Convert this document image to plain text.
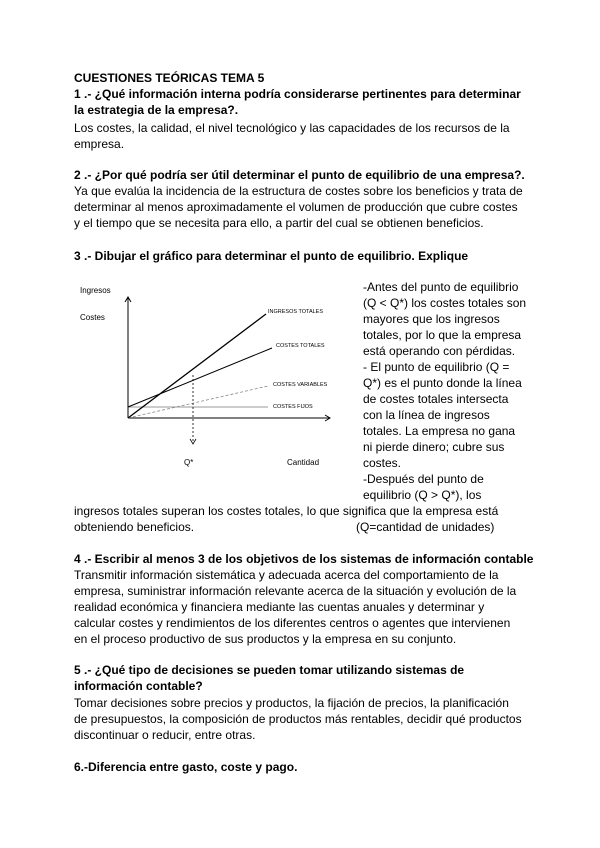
CUESTIONES TEÓRICAS TEMA 5
1 .- ¿Qué información interna podría considerarse pertinentes para determinar
la estrategia de la empresa?.
Los costes, la calidad, el nivel tecnológico y las capacidades de los recursos de la
empresa.
2 .- ¿Por qué podría ser útil determinar el punto de equilibrio de una empresa?.
Ya que evalúa la incidencia de la estructura de costes sobre los beneficios y trata de
determinar al menos aproximadamente el volumen de producción que cubre costes
y el tiempo que se necesita para ello, a partir del cual se obtienen beneficios.
3 .- Dibujar el gráfico para determinar el punto de equilibrio. Explique
Ingresos
Costes
Q*	Cantidad
INGRESOS TOTALES
COSTES TOTALES
COSTES VARIABLES
COSTES FIJOS
-Antes del punto de equilibrio
(Q < Q*) los costes totales son
mayores que los ingresos
totales, por lo que la empresa
está operando con pérdidas.
- El punto de equilibrio (Q =
Q*) es el punto donde la línea
de costes totales intersecta
con la línea de ingresos
totales. La empresa no gana
ni pierde dinero; cubre sus
costes.
-Después del punto de
equilibrio (Q > Q*), los
ingresos totales superan los costes totales, lo que significa que la empresa está
obteniendo beneficios.	(Q=cantidad de unidades)
4 .- Escribir al menos 3 de los objetivos de los sistemas de información contable
Transmitir información sistemática y adecuada acerca del comportamiento de la
empresa, suministrar información relevante acerca de la situación y evolución de la
realidad económica y financiera mediante las cuentas anuales y determinar y
calcular costes y rendimientos de los diferentes centros o agentes que intervienen
en el proceso productivo de sus productos y la empresa en su conjunto.
5 .- ¿Qué tipo de decisiones se pueden tomar utilizando sistemas de
información contable?
Tomar decisiones sobre precios y productos, la fijación de precios, la planificación
de presupuestos, la composición de productos más rentables, decidir qué productos
discontinuar o reducir, entre otras.
6.-Diferencia entre gasto, coste y pago.
